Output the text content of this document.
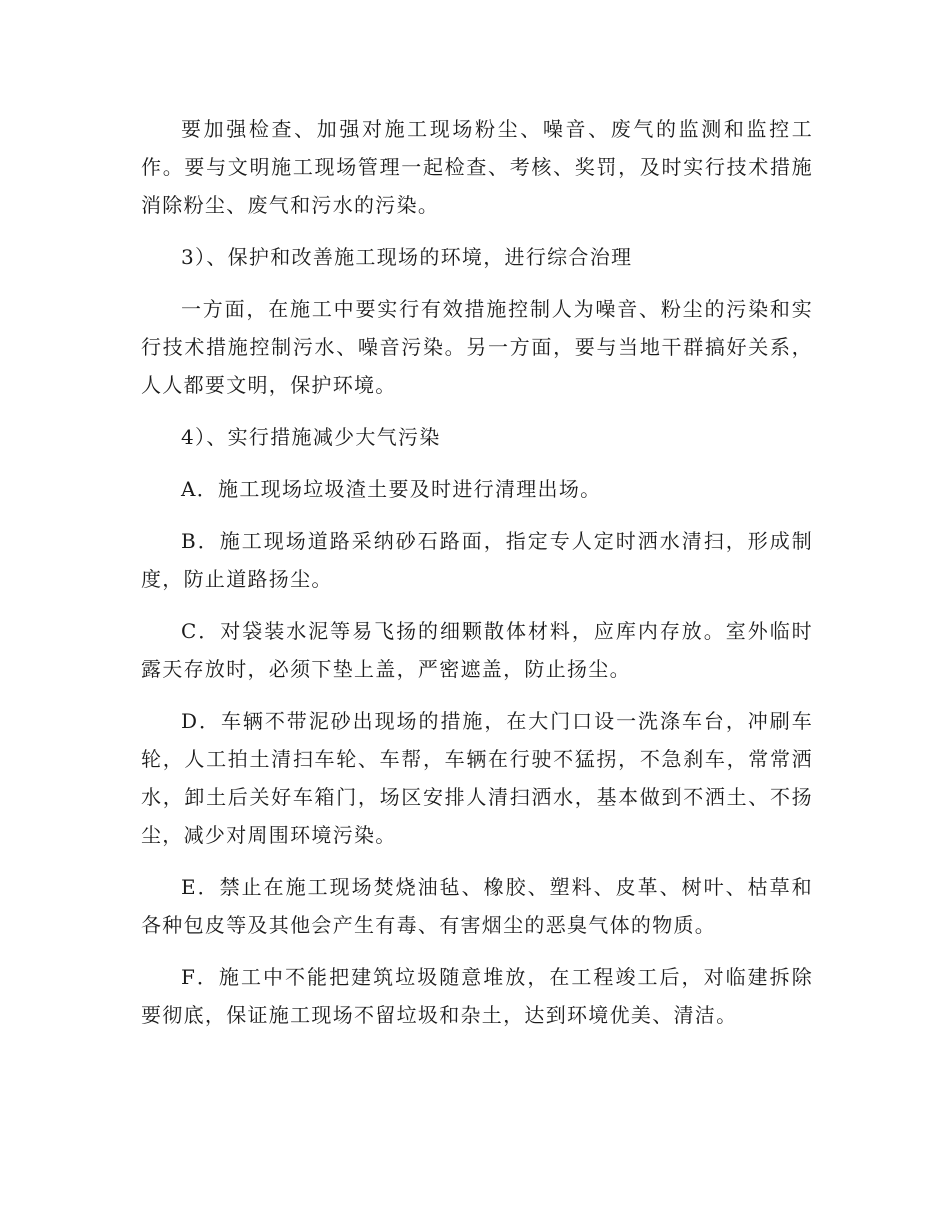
要加强检查、加强对施工现场粉尘、噪音、废气的监测和监控工作。要与文明施工现场管理一起检查、考核、奖罚，及时实行技术措施消除粉尘、废气和污水的污染。

3）、保护和改善施工现场的环境，进行综合治理

一方面，在施工中要实行有效措施控制人为噪音、粉尘的污染和实行技术措施控制污水、噪音污染。另一方面，要与当地干群搞好关系，人人都要文明，保护环境。

4）、实行措施减少大气污染

A．施工现场垃圾渣土要及时进行清理出场。

B．施工现场道路采纳砂石路面，指定专人定时洒水清扫，形成制度，防止道路扬尘。

C．对袋装水泥等易飞扬的细颗散体材料，应库内存放。室外临时露天存放时，必须下垫上盖，严密遮盖，防止扬尘。

D．车辆不带泥砂出现场的措施，在大门口设一洗涤车台，冲刷车轮，人工拍土清扫车轮、车帮，车辆在行驶不猛拐，不急刹车，常常洒水，卸土后关好车箱门，场区安排人清扫洒水，基本做到不洒土、不扬尘，减少对周围环境污染。

E．禁止在施工现场焚烧油毡、橡胶、塑料、皮革、树叶、枯草和各种包皮等及其他会产生有毒、有害烟尘的恶臭气体的物质。

F．施工中不能把建筑垃圾随意堆放，在工程竣工后，对临建拆除要彻底，保证施工现场不留垃圾和杂土，达到环境优美、清洁。
